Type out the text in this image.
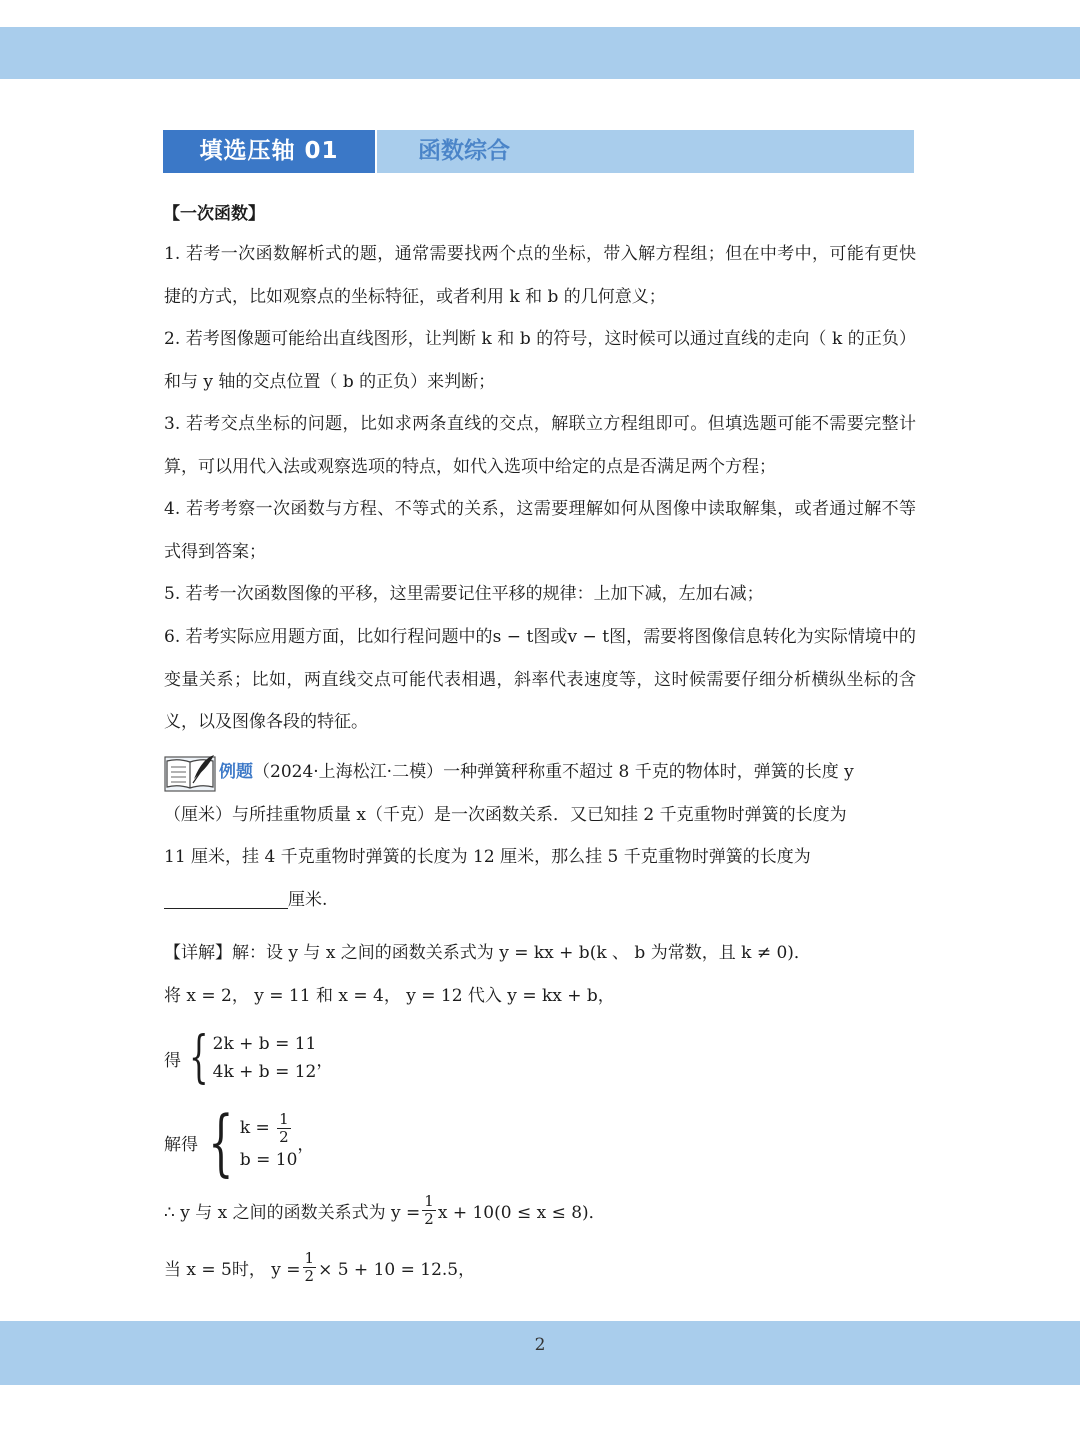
填选压轴 01	函数综合
【一次函数】

1. 若考一次函数解析式的题，通常需要找两个点的坐标，带入解方程组；但在中考中，可能有更快捷的方式，比如观察点的坐标特征，或者利用 k 和 b 的几何意义；

2. 若考图像题可能给出直线图形，让判断 k 和 b 的符号，这时候可以通过直线的走向（ k 的正负）和与 y 轴的交点位置（ b 的正负）来判断；

3. 若考交点坐标的问题，比如求两条直线的交点，解联立方程组即可。但填选题可能不需要完整计算，可以用代入法或观察选项的特点，如代入选项中给定的点是否满足两个方程；

4. 若考考察一次函数与方程、不等式的关系，这需要理解如何从图像中读取解集，或者通过解不等式得到答案；

5. 若考一次函数图像的平移，这里需要记住平移的规律：上加下减，左加右减；

6. 若考实际应用题方面，比如行程问题中的s − t图或v − t图，需要将图像信息转化为实际情境中的变量关系；比如，两直线交点可能代表相遇，斜率代表速度等，这时候需要仔细分析横纵坐标的含义，以及图像各段的特征。

例题（2024·上海松江·二模）一种弹簧秤称重不超过 8 千克的物体时，弹簧的长度 y

（厘米）与所挂重物质量 x（千克）是一次函数关系．又已知挂 2 千克重物时弹簧的长度为

11 厘米，挂 4 千克重物时弹簧的长度为 12 厘米，那么挂 5 千克重物时弹簧的长度为

厘米.

【详解】解：设 y 与 x 之间的函数关系式为 y = kx + b(k 、 b 为常数，且 k ≠ 0)．
将 x = 2， y = 11 和 x = 4， y = 12 代入 y = kx + b，
得 { 2k + b = 11
4k + b = 12
，
解得 { $k = \frac{1}{2}$
b = 10
，
∴ y 与 x 之间的函数关系式为 $y = \frac{1}{2}$ x + 10(0 ≤ x ≤ 8)．
当 x = 5时， $y = \frac{1}{2} \times 5 + 10 = 12.5$，
2
